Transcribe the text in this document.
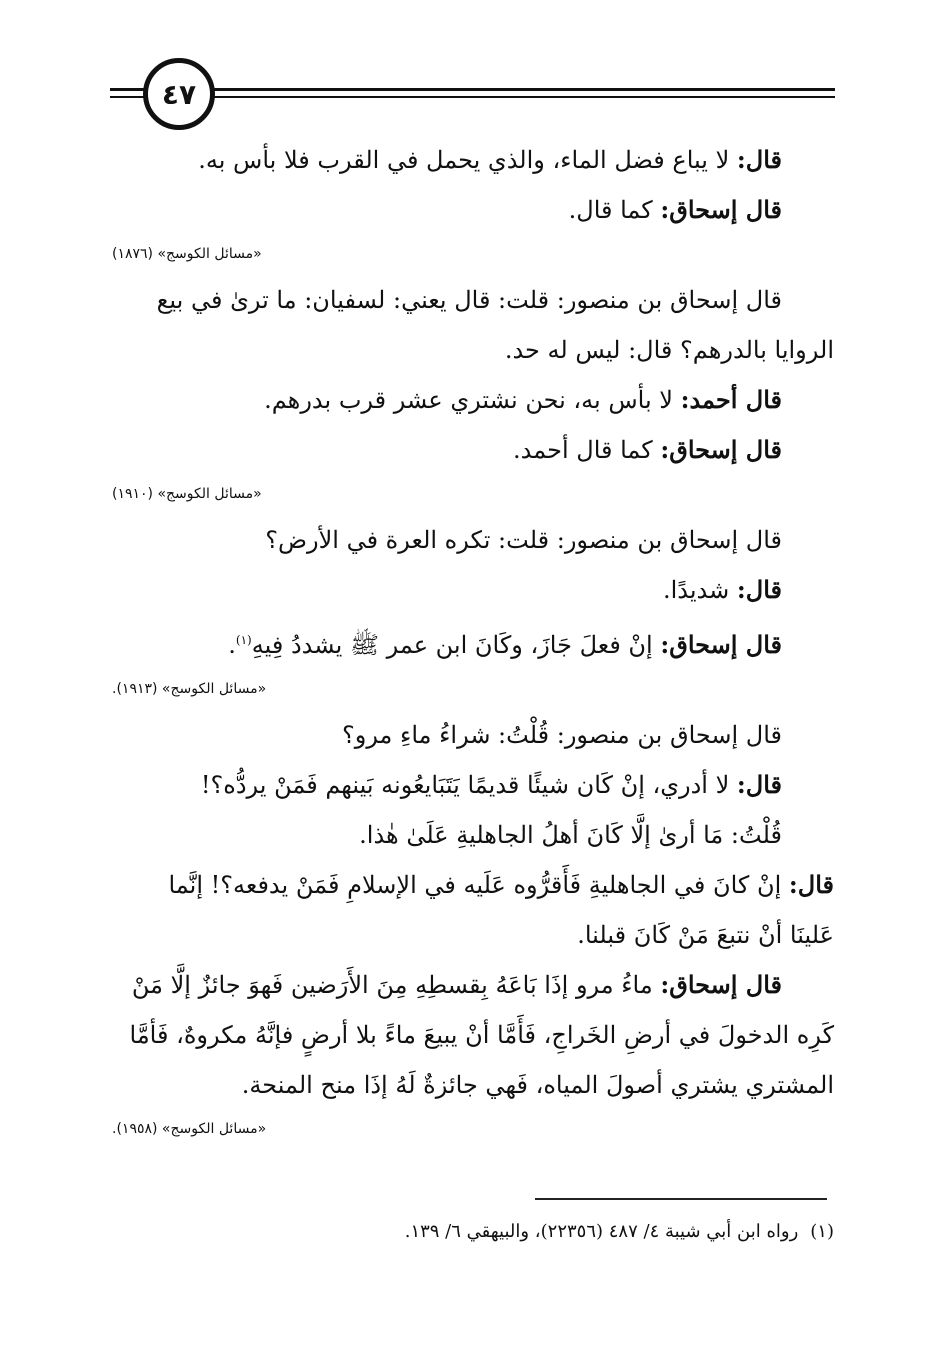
٤٧

قال: لا يباع فضل الماء، والذي يحمل في القرب فلا بأس به.

قال إسحاق: كما قال.

«مسائل الكوسج» (١٨٧٦)

قال إسحاق بن منصور: قلت: قال يعني: لسفيان: ما ترىٰ في بيع

الروايا بالدرهم؟ قال: ليس له حد.

قال أحمد: لا بأس به، نحن نشتري عشر قرب بدرهم.

قال إسحاق: كما قال أحمد.

«مسائل الكوسج» (١٩١٠)

قال إسحاق بن منصور: قلت: تكره العرة في الأرض؟

قال: شديدًا.

قال إسحاق: إنْ فعلَ جَازَ، وكَانَ ابن عمر ﷺ يشددُ فِيهِ$^{(١)}$.

«مسائل الكوسج» (١٩١٣).

قال إسحاق بن منصور: قُلْتُ: شراءُ ماءِ مرو؟

قال: لا أدري، إنْ كَان شيئًا قديمًا يَتَبَايعُونه بَينهم فَمَنْ يردُّه؟!

قُلْتُ: مَا أرىٰ إلَّا كَانَ أهلُ الجاهليةِ عَلَىٰ هٰذا.

قال: إنْ كانَ في الجاهليةِ فَأَقرُّوه عَلَيه في الإسلامِ فَمَنْ يدفعه؟! إنَّما

عَلينَا أنْ نتبعَ مَنْ كَانَ قبلنا.

قال إسحاق: ماءُ مرو إذَا بَاعَهُ بِقسطِهِ مِنَ الأَرَضين فَهوَ جائزٌ إلَّا مَنْ

كَرِه الدخولَ في أرضِ الخَراجِ، فَأَمَّا أنْ يبيعَ ماءً بلا أرضٍ فإنَّهُ مكروهٌ، فَأمَّا

المشتري يشتري أصولَ المياه، فَهي جائزةٌ لَهُ إذَا منح المنحة.

«مسائل الكوسج» (١٩٥٨).

(١)رواه ابن أبي شيبة ٤/ ٤٨٧ (٢٢٣٥٦)، والبيهقي ٦/ ١٣٩.
